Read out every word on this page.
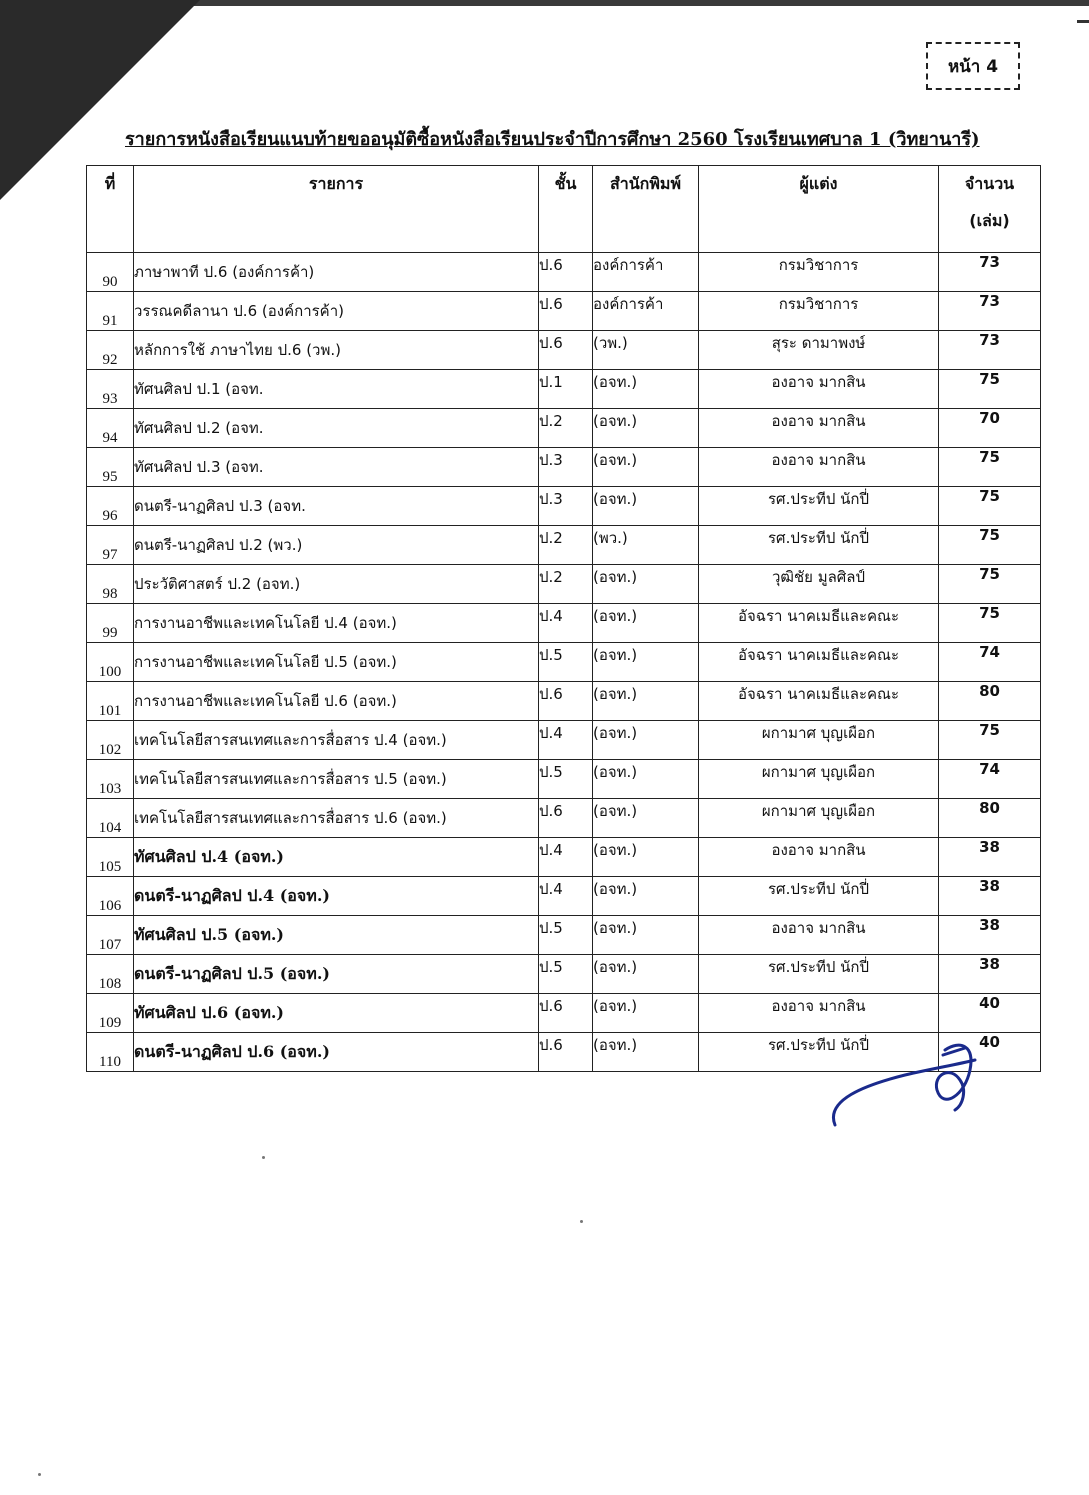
หน้า 4
รายการหนังสือเรียนแนบท้ายขออนุมัติซื้อหนังสือเรียนประจำปีการศึกษา 2560 โรงเรียนเทศบาล 1 (วิทยานารี)
ที่	รายการ	ชั้น	สำนักพิมพ์	ผู้แต่ง	จำนวน
(เล่ม)

90	ภาษาพาที ป.6 (องค์การค้า)	ป.6	องค์การค้า	กรมวิชาการ	73
91	วรรณคดีลานา ป.6 (องค์การค้า)	ป.6	องค์การค้า	กรมวิชาการ	73
92	หลักการใช้ ภาษาไทย ป.6 (วพ.)	ป.6	(วพ.)	สุระ ดามาพงษ์	73
93	ทัศนศิลป ป.1 (อจท.	ป.1	(อจท.)	องอาจ มากสิน	75
94	ทัศนศิลป ป.2 (อจท.	ป.2	(อจท.)	องอาจ มากสิน	70
95	ทัศนศิลป ป.3 (อจท.	ป.3	(อจท.)	องอาจ มากสิน	75
96	ดนตรี-นาฏศิลป ป.3 (อจท.	ป.3	(อจท.)	รศ.ประทีป นักปี่	75
97	ดนตรี-นาฏศิลป ป.2 (พว.)	ป.2	(พว.)	รศ.ประทีป นักปี่	75
98	ประวัติศาสตร์ ป.2 (อจท.)	ป.2	(อจท.)	วุฒิชัย มูลศิลป์	75
99	การงานอาชีพและเทคโนโลยี ป.4 (อจท.)	ป.4	(อจท.)	อัจฉรา นาคเมธีและคณะ	75
100	การงานอาชีพและเทคโนโลยี ป.5 (อจท.)	ป.5	(อจท.)	อัจฉรา นาคเมธีและคณะ	74
101	การงานอาชีพและเทคโนโลยี ป.6 (อจท.)	ป.6	(อจท.)	อัจฉรา นาคเมธีและคณะ	80
102	เทคโนโลยีสารสนเทศและการสื่อสาร ป.4 (อจท.)	ป.4	(อจท.)	ผกามาศ บุญเผือก	75
103	เทคโนโลยีสารสนเทศและการสื่อสาร ป.5 (อจท.)	ป.5	(อจท.)	ผกามาศ บุญเผือก	74
104	เทคโนโลยีสารสนเทศและการสื่อสาร ป.6 (อจท.)	ป.6	(อจท.)	ผกามาศ บุญเผือก	80
105	ทัศนศิลป ป.4 (อจท.)	ป.4	(อจท.)	องอาจ มากสิน	38
106	ดนตรี-นาฏศิลป ป.4 (อจท.)	ป.4	(อจท.)	รศ.ประทีป นักปี่	38
107	ทัศนศิลป ป.5 (อจท.)	ป.5	(อจท.)	องอาจ มากสิน	38
108	ดนตรี-นาฏศิลป ป.5 (อจท.)	ป.5	(อจท.)	รศ.ประทีป นักปี่	38
109	ทัศนศิลป ป.6 (อจท.)	ป.6	(อจท.)	องอาจ มากสิน	40
110	ดนตรี-นาฏศิลป ป.6 (อจท.)	ป.6	(อจท.)	รศ.ประทีป นักปี่	40
